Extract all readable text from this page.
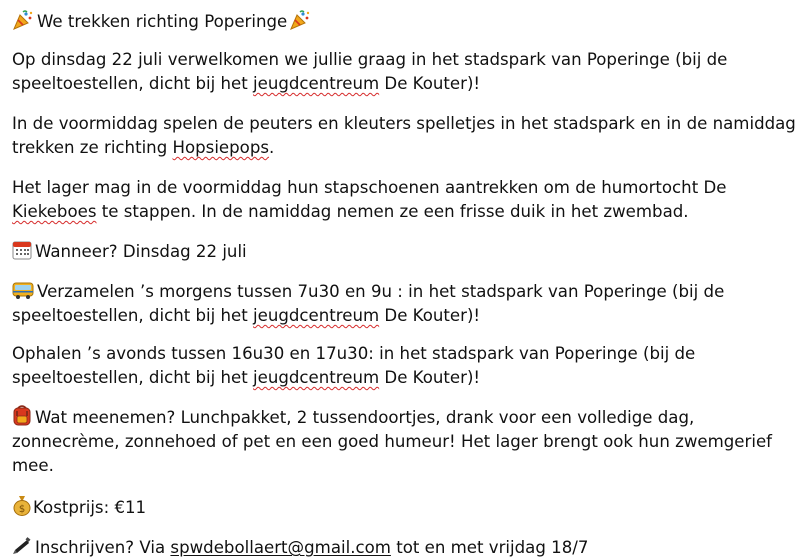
We trekken richting Poperinge

Op dinsdag 22 juli verwelkomen we jullie graag in het stadspark van Poperinge (bij de speeltoestellen, dicht bij het jeugdcentreum De Kouter)!

In de voormiddag spelen de peuters en kleuters spelletjes in het stadspark en in de namiddag trekken ze richting Hopsiepops.

Het lager mag in de voormiddag hun stapschoenen aantrekken om de humortocht De Kiekeboes te stappen. In de namiddag nemen ze een frisse duik in het zwembad.

Wanneer? Dinsdag 22 juli

Verzamelen ’s morgens tussen 7u30 en 9u : in het stadspark van Poperinge (bij de speeltoestellen, dicht bij het jeugdcentreum De Kouter)!

Ophalen ’s avonds tussen 16u30 en 17u30: in het stadspark van Poperinge (bij de speeltoestellen, dicht bij het jeugdcentreum De Kouter)!

Wat meenemen? Lunchpakket, 2 tussendoortjes, drank voor een volledige dag, zonnecrème, zonnehoed of pet en een goed humeur! Het lager brengt ook hun zwemgerief mee.

$ Kostprijs: €11

Inschrijven? Via spwdebollaert@gmail.com tot en met vrijdag 18/7
